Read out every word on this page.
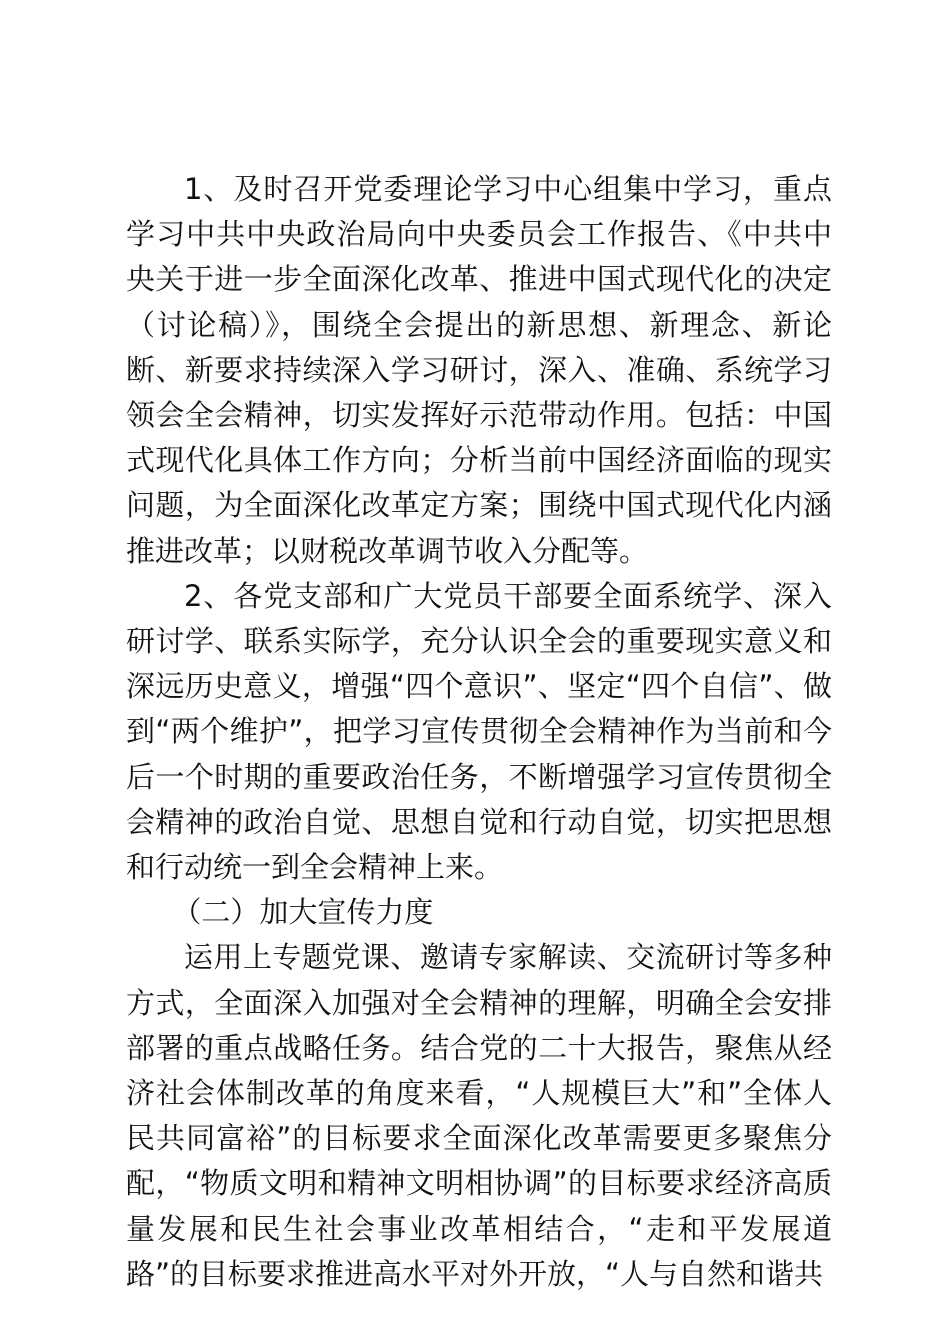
1、及时召开党委理论学习中心组集中学习，重点学习中共中央政治局向中央委员会工作报告、《中共中央关于进一步全面深化改革、推进中国式现代化的决定（讨论稿）》，围绕全会提出的新思想、新理念、新论断、新要求持续深入学习研讨，深入、准确、系统学习领会全会精神，切实发挥好示范带动作用。包括：中国式现代化具体工作方向；分析当前中国经济面临的现实问题，为全面深化改革定方案；围绕中国式现代化内涵推进改革；以财税改革调节收入分配等。

2、各党支部和广大党员干部要全面系统学、深入研讨学、联系实际学，充分认识全会的重要现实意义和深远历史意义，增强“四个意识”、坚定“四个自信”、做到“两个维护”，把学习宣传贯彻全会精神作为当前和今后一个时期的重要政治任务，不断增强学习宣传贯彻全会精神的政治自觉、思想自觉和行动自觉，切实把思想和行动统一到全会精神上来。

（二）加大宣传力度

运用上专题党课、邀请专家解读、交流研讨等多种方式，全面深入加强对全会精神的理解，明确全会安排部署的重点战略任务。结合党的二十大报告，聚焦从经济社会体制改革的角度来看，“人规模巨大”和”全体人民共同富裕”的目标要求全面深化改革需要更多聚焦分配，“物质文明和精神文明相协调”的目标要求经济高质量发展和民生社会事业改革相结合，“走和平发展道路”的目标要求推进高水平对外开放，“人与自然和谐共
